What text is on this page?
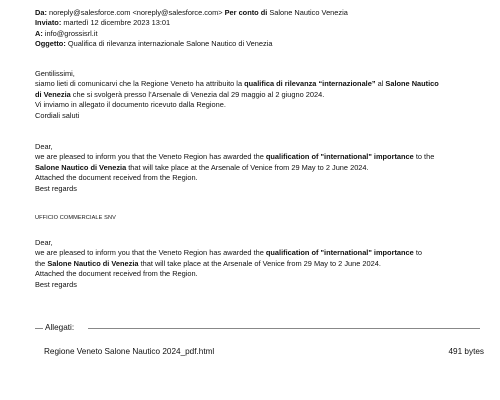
Da: noreply@salesforce.com <noreply@salesforce.com> Per conto di Salone Nautico Venezia
Inviato: martedì 12 dicembre 2023 13:01
A: info@grossisrl.it
Oggetto: Qualifica di rilevanza internazionale Salone Nautico di Venezia

Gentilissimi,

siamo lieti di comunicarvi che la Regione Veneto ha attribuito la qualifica di rilevanza “internazionale” al Salone Nautico

di Venezia che si svolgerà presso l’Arsenale di Venezia dal 29 maggio al 2 giugno 2024.

Vi inviamo in allegato il documento ricevuto dalla Regione.

Cordiali saluti

Dear,

we are pleased to inform you that the Veneto Region has awarded the qualification of "international" importance to the

Salone Nautico di Venezia that will take place at the Arsenale of Venice from 29 May to 2 June 2024.

Attached the document received from the Region.

Best regards

UFFICIO COMMERCIALE SNV

Dear,

we are pleased to inform you that the Veneto Region has awarded the qualification of "international" importance to

the Salone Nautico di Venezia that will take place at the Arsenale of Venice from 29 May to 2 June 2024.

Attached the document received from the Region.

Best regards

Allegati:
Regione Veneto Salone Nautico 2024_pdf.html	491 bytes
